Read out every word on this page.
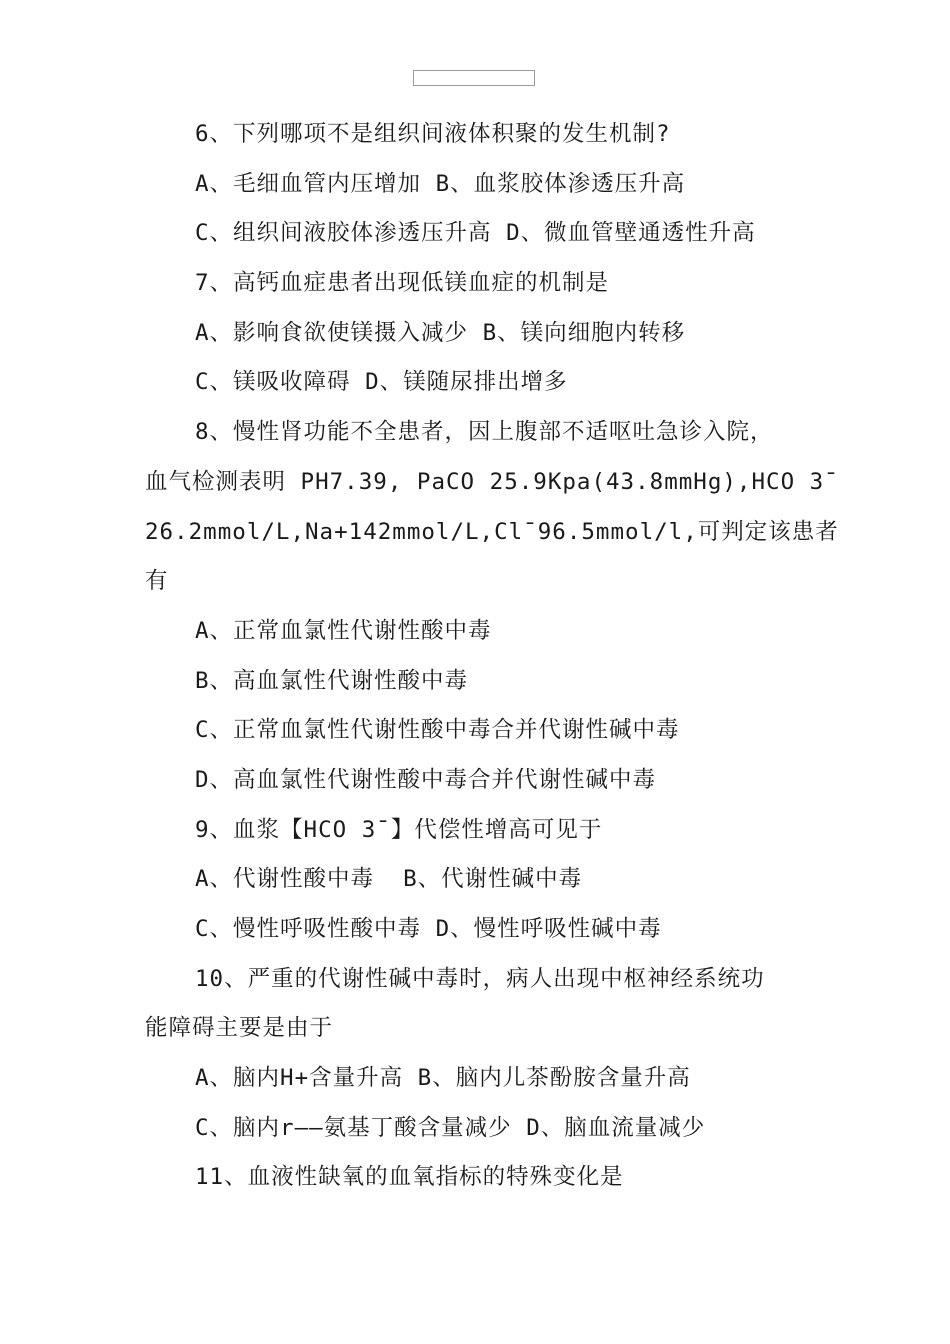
6、下列哪项不是组织间液体积聚的发生机制?
A、毛细血管内压增加 B、血浆胶体渗透压升高
C、组织间液胶体渗透压升高 D、微血管壁通透性升高
7、高钙血症患者出现低镁血症的机制是
A、影响食欲使镁摄入减少 B、镁向细胞内转移
C、镁吸收障碍 D、镁随尿排出增多
8、慢性肾功能不全患者，因上腹部不适呕吐急诊入院，
血气检测表明 PH7.39, PaCO 25.9Kpa(43.8mmHg),HCO 3ˉ
26.2mmol/L,Na+142mmol/L,Clˉ96.5mmol/l,可判定该患者
有
A、正常血氯性代谢性酸中毒
B、高血氯性代谢性酸中毒
C、正常血氯性代谢性酸中毒合并代谢性碱中毒
D、高血氯性代谢性酸中毒合并代谢性碱中毒
9、血浆【HCO 3ˉ】代偿性增高可见于
A、代谢性酸中毒  B、代谢性碱中毒
C、慢性呼吸性酸中毒 D、慢性呼吸性碱中毒
10、严重的代谢性碱中毒时，病人出现中枢神经系统功
能障碍主要是由于
A、脑内H+含量升高 B、脑内儿茶酚胺含量升高
C、脑内r——氨基丁酸含量减少 D、脑血流量减少
11、血液性缺氧的血氧指标的特殊变化是
